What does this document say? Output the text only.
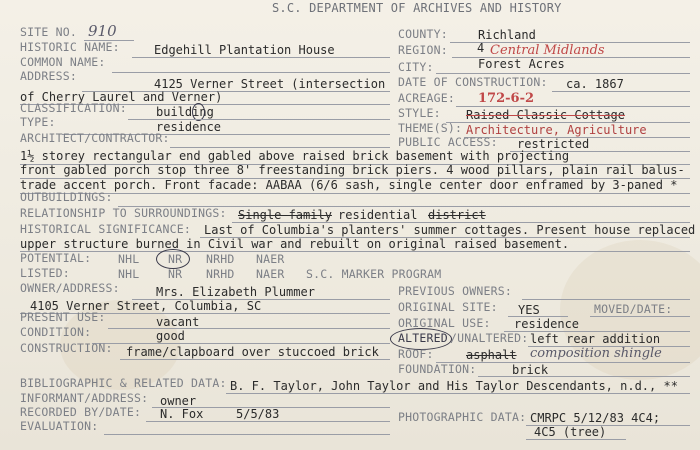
S.C. DEPARTMENT OF ARCHIVES AND HISTORY
SITE NO. 910
HISTORIC NAME:	Edgehill Plantation House
COMMON NAME:
ADDRESS:
4125 Verner Street (intersection
of Cherry Laurel and Verner)
CLASSIFICATION: building
TYPE:	residence
ARCHITECT/CONTRACTOR:
COUNTY:	Richland
REGION: 4 Central Midlands
CITY:	Forest Acres
DATE OF CONSTRUCTION: ca. 1867
ACREAGE: 172-6-2
STYLE: Raised Classic Cottage
THEME(S): Architecture, Agriculture
PUBLIC ACCESS: restricted
1½ storey rectangular end gabled above raised brick basement with projecting
front gabled porch stop three 8' freestanding brick piers. 4 wood pillars, plain rail balus-
trade accent porch. Front facade: AABAA (6/6 sash, single center door enframed by 3-paned *
OUTBUILDINGS:
RELATIONSHIP TO SURROUNDINGS: Single-family residential district
HISTORICAL SIGNIFICANCE: Last of Columbia's planters' summer cottages. Present house replaced
upper structure burned in Civil war and rebuilt on original raised basement.
POTENTIAL: NHL NR NRHD NAER
LISTED:	NHL NR NRHD NAER S.C. MARKER PROGRAM
OWNER/ADDRESS:	Mrs. Elizabeth Plummer
4105 Verner Street, Columbia, SC
PRESENT USE:	vacant
CONDITION:	good
CONSTRUCTION: frame/clapboard over stuccoed brick
PREVIOUS OWNERS:
ORIGINAL SITE: YES	MOVED/DATE:
ORIGINAL USE: residence
ALTERED /UNALTERED: left rear addition
ROOF:	asphalt composition shingle
FOUNDATION:	brick
BIBLIOGRAPHIC & RELATED DATA: B. F. Taylor, John Taylor and His Taylor Descendants, n.d., **
INFORMANT/ADDRESS: owner
RECORDED BY/DATE: N. Fox	5/5/83
EVALUATION:
PHOTOGRAPHIC DATA: CMRPC 5/12/83 4C4;
4C5 (tree)
